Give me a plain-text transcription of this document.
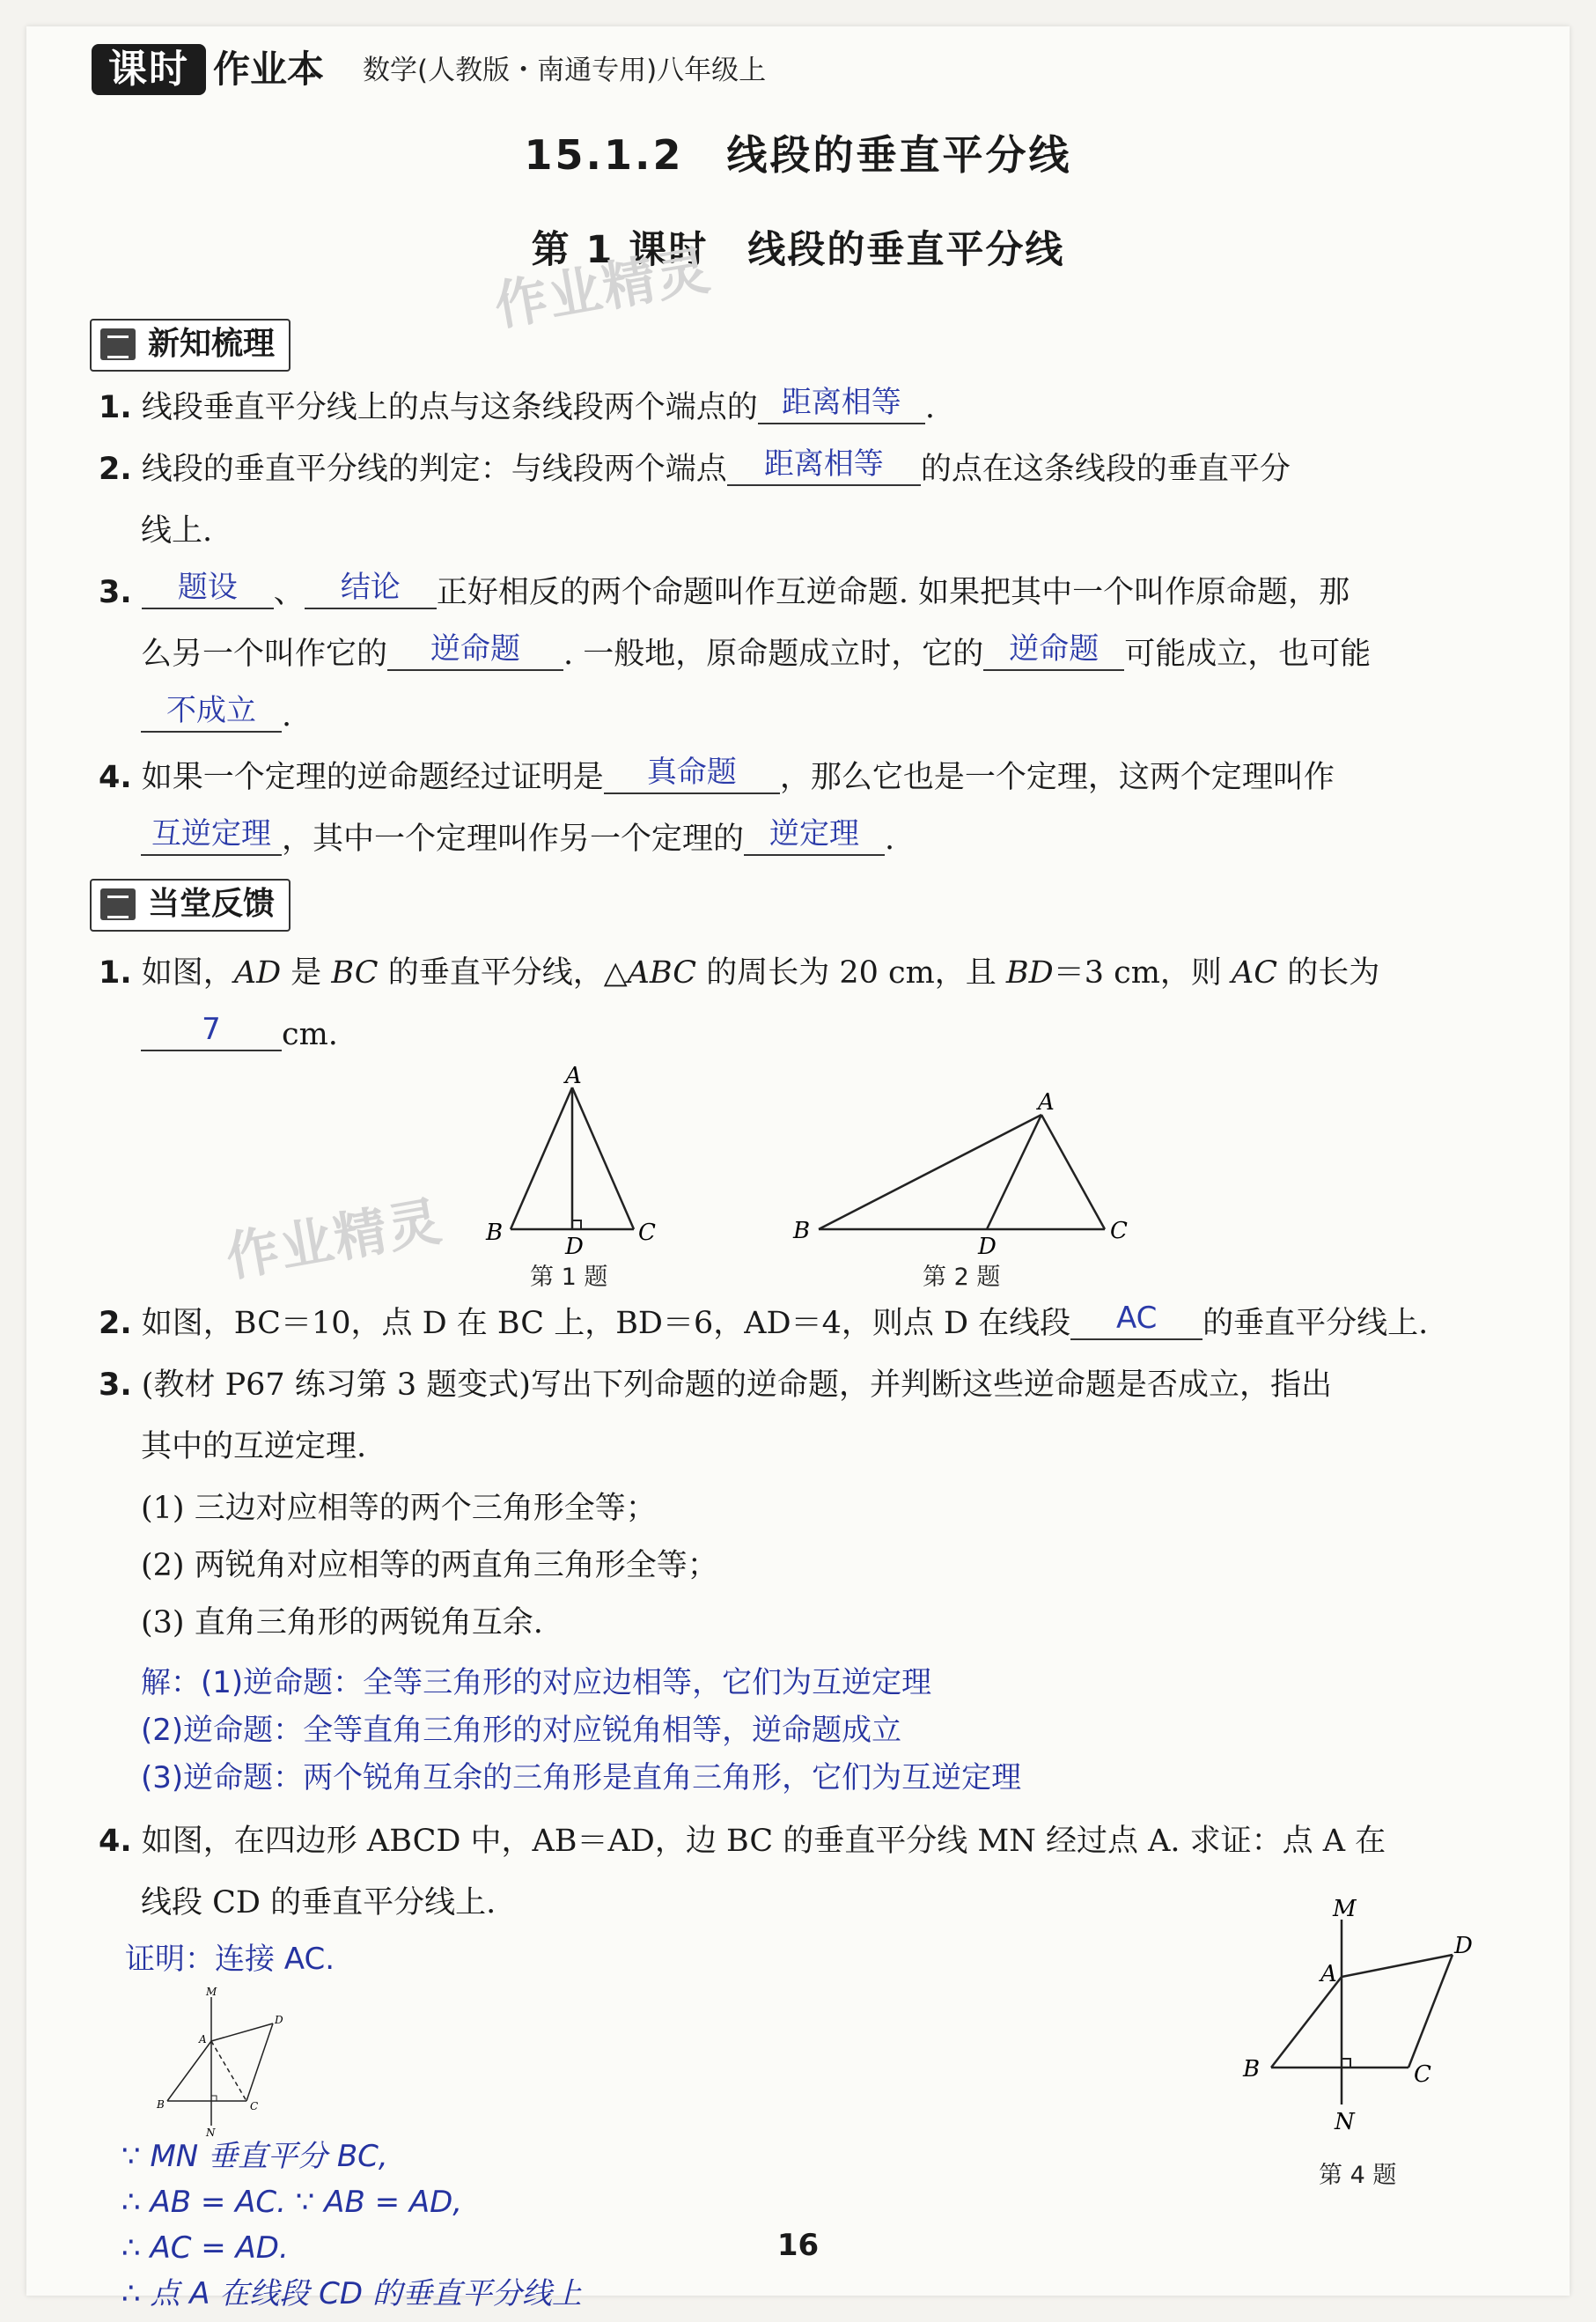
课时 作业本 数学(人教版・南通专用)八年级上
15.1.2　线段的垂直平分线
第 1 课时　线段的垂直平分线
作业精灵
新知梳理
1. 线段垂直平分线上的点与这条线段两个端点的 距离相等 .
2. 线段的垂直平分线的判定：与线段两个端点 距离相等 的点在这条线段的垂直平分
线上.
3. 题设 、 结论 正好相反的两个命题叫作互逆命题. 如果把其中一个叫作原命题，那
么另一个叫作它的 逆命题 . 一般地，原命题成立时，它的 逆命题 可能成立，也可能
不成立 .
4. 如果一个定理的逆命题经过证明是 真命题 ，那么它也是一个定理，这两个定理叫作
互逆定理 ，其中一个定理叫作另一个定理的 逆定理 .
当堂反馈
1. 如图，AD 是 BC 的垂直平分线，△ABC 的周长为 20 cm，且 BD＝3 cm，则 AC 的长为
7 cm.
A
B	C
D
第 1 题
A
B	C
D
第 2 题
作业精灵
2. 如图，BC＝10，点 D 在 BC 上，BD＝6，AD＝4，则点 D 在线段 AC 的垂直平分线上.
3. (教材 P67 练习第 3 题变式)写出下列命题的逆命题，并判断这些逆命题是否成立，指出
其中的互逆定理.
(1) 三边对应相等的两个三角形全等；
(2) 两锐角对应相等的两直角三角形全等；
(3) 直角三角形的两锐角互余.
解：(1)逆命题：全等三角形的对应边相等，它们为互逆定理
(2)逆命题：全等直角三角形的对应锐角相等，逆命题成立
(3)逆命题：两个锐角互余的三角形是直角三角形，它们为互逆定理
4. 如图，在四边形 ABCD 中，AB＝AD，边 BC 的垂直平分线 MN 经过点 A. 求证：点 A 在
线段 CD 的垂直平分线上.
证明：连接 AC.
M
A
D
B	C
N
∵ MN 垂直平分 BC,
∴ AB = AC. ∵ AB = AD,
∴ AC = AD.
∴ 点 A 在线段 CD 的垂直平分线上
M
A
D
B	C
N
第 4 题
16
